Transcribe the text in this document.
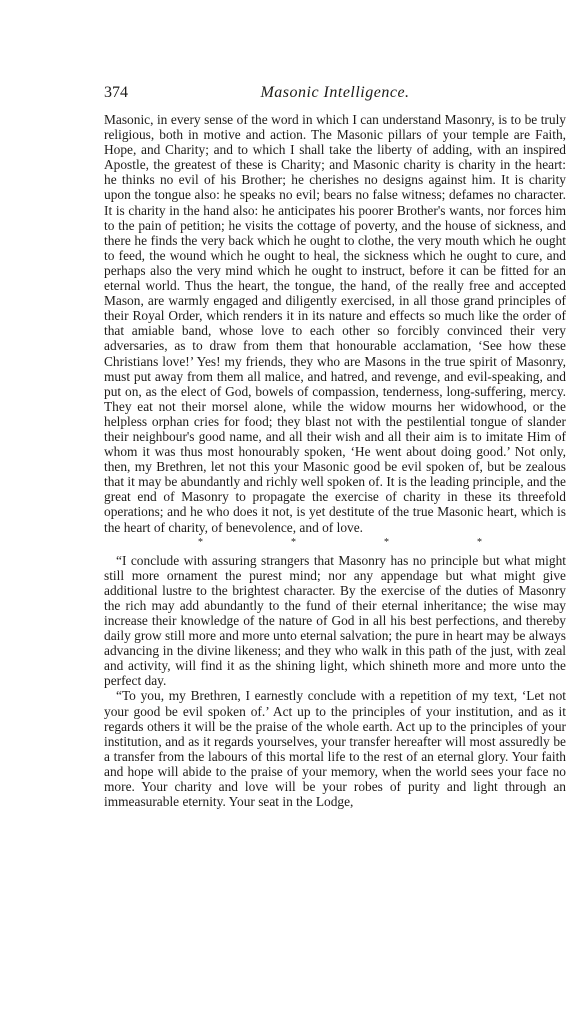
374	Masonic Intelligence.

Masonic, in every sense of the word in which I can understand Masonry, is to be truly religious, both in motive and action. The Masonic pillars of your temple are Faith, Hope, and Charity; and to which I shall take the liberty of adding, with an inspired Apostle, the greatest of these is Charity; and Masonic charity is charity in the heart: he thinks no evil of his Brother; he cherishes no designs against him. It is charity upon the tongue also: he speaks no evil; bears no false witness; defames no character. It is charity in the hand also: he anticipates his poorer Brother's wants, nor forces him to the pain of petition; he visits the cottage of poverty, and the house of sickness, and there he finds the very back which he ought to clothe, the very mouth which he ought to feed, the wound which he ought to heal, the sickness which he ought to cure, and perhaps also the very mind which he ought to instruct, before it can be fitted for an eternal world. Thus the heart, the tongue, the hand, of the really free and accepted Mason, are warmly engaged and diligently exercised, in all those grand principles of their Royal Order, which renders it in its nature and effects so much like the order of that amiable band, whose love to each other so forcibly convinced their very adversaries, as to draw from them that honourable acclamation, ‘See how these Christians love!’ Yes! my friends, they who are Masons in the true spirit of Masonry, must put away from them all malice, and hatred, and revenge, and evil-speaking, and put on, as the elect of God, bowels of compassion, tenderness, long-suffering, mercy. They eat not their morsel alone, while the widow mourns her widowhood, or the helpless orphan cries for food; they blast not with the pestilential tongue of slander their neighbour's good name, and all their wish and all their aim is to imitate Him of whom it was thus most honourably spoken, ‘He went about doing good.’ Not only, then, my Brethren, let not this your Masonic good be evil spoken of, but be zealous that it may be abundantly and richly well spoken of. It is the leading principle, and the great end of Masonry to propagate the exercise of charity in these its threefold operations; and he who does it not, is yet destitute of the true Masonic heart, which is the heart of charity, of benevolence, and of love.

*	*	*	*

“I conclude with assuring strangers that Masonry has no principle but what might still more ornament the purest mind; nor any appendage but what might give additional lustre to the brightest character. By the exercise of the duties of Masonry the rich may add abundantly to the fund of their eternal inheritance; the wise may increase their knowledge of the nature of God in all his best perfections, and thereby daily grow still more and more unto eternal salvation; the pure in heart may be always advancing in the divine likeness; and they who walk in this path of the just, with zeal and activity, will find it as the shining light, which shineth more and more unto the perfect day.

“To you, my Brethren, I earnestly conclude with a repetition of my text, ‘Let not your good be evil spoken of.’ Act up to the principles of your institution, and as it regards others it will be the praise of the whole earth. Act up to the principles of your institution, and as it regards yourselves, your transfer hereafter will most assuredly be a transfer from the labours of this mortal life to the rest of an eternal glory. Your faith and hope will abide to the praise of your memory, when the world sees your face no more. Your charity and love will be your robes of purity and light through an immeasurable eternity. Your seat in the Lodge,
